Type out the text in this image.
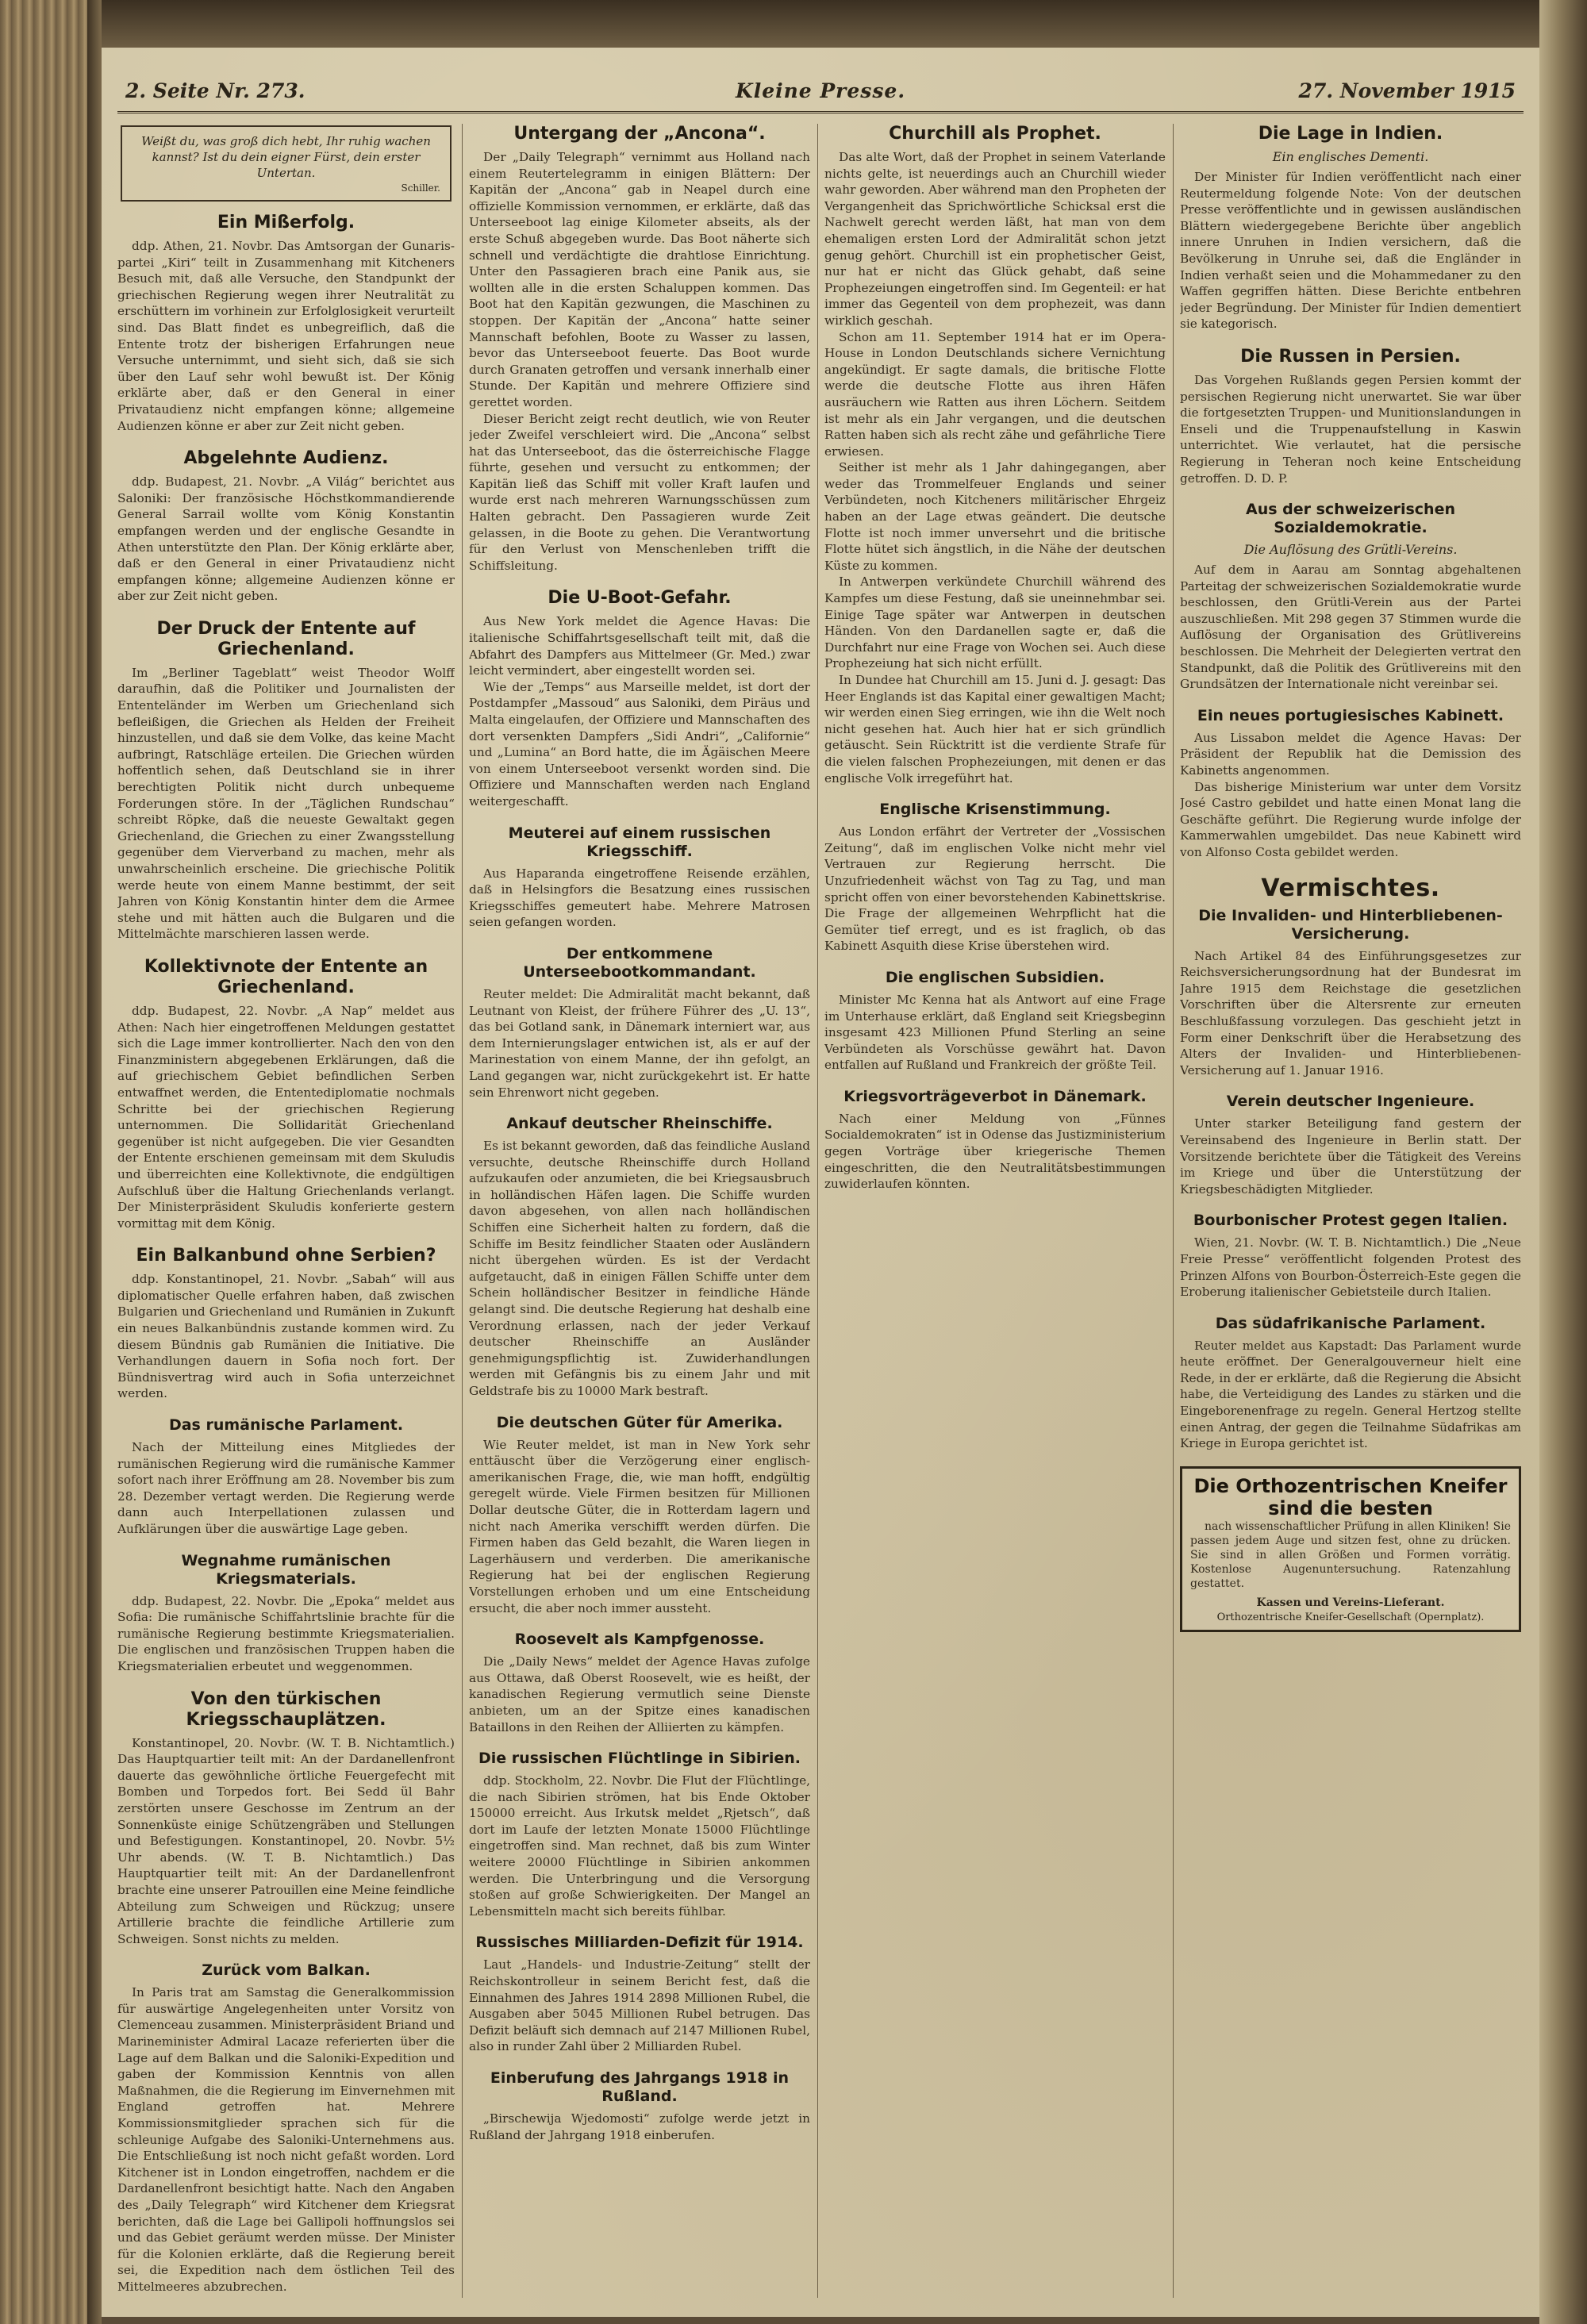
2. Seite Nr. 273.	Kleine Presse.	27. November 1915

Weißt du, was groß dich hebt, Ihr ruhig wachen kannst? Ist du dein eigner Fürst, dein erster Untertan.

Schiller.

Ein Mißerfolg.

ddp. Athen, 21. Novbr. Das Amtsorgan der Gunaris-partei „Kiri“ teilt in Zusammenhang mit Kitcheners Besuch mit, daß alle Versuche, den Standpunkt der griechischen Regierung wegen ihrer Neutralität zu erschüttern im vorhinein zur Erfolglosigkeit verurteilt sind. Das Blatt findet es unbegreiflich, daß die Entente trotz der bisherigen Erfahrungen neue Versuche unternimmt, und sieht sich, daß sie sich über den Lauf sehr wohl bewußt ist. Der König erklärte aber, daß er den General in einer Privataudienz nicht empfangen könne; allgemeine Audienzen könne er aber zur Zeit nicht geben.

Abgelehnte Audienz.

ddp. Budapest, 21. Novbr. „A Világ“ berichtet aus Saloniki: Der französische Höchstkommandierende General Sarrail wollte vom König Konstantin empfangen werden und der englische Gesandte in Athen unterstützte den Plan. Der König erklärte aber, daß er den General in einer Privataudienz nicht empfangen könne; allgemeine Audienzen könne er aber zur Zeit nicht geben.

Der Druck der Entente auf Griechenland.

Im „Berliner Tageblatt“ weist Theodor Wolff daraufhin, daß die Politiker und Journalisten der Ententeländer im Werben um Griechenland sich befleißigen, die Griechen als Helden der Freiheit hinzustellen, und daß sie dem Volke, das keine Macht aufbringt, Ratschläge erteilen. Die Griechen würden hoffentlich sehen, daß Deutschland sie in ihrer berechtigten Politik nicht durch unbequeme Forderungen störe. In der „Täglichen Rundschau“ schreibt Röpke, daß die neueste Gewaltakt gegen Griechenland, die Griechen zu einer Zwangsstellung gegenüber dem Vierverband zu machen, mehr als unwahrscheinlich erscheine. Die griechische Politik werde heute von einem Manne bestimmt, der seit Jahren von König Konstantin hinter dem die Armee stehe und mit hätten auch die Bulgaren und die Mittelmächte marschieren lassen werde.

Kollektivnote der Entente an Griechenland.

ddp. Budapest, 22. Novbr. „A Nap“ meldet aus Athen: Nach hier eingetroffenen Meldungen gestattet sich die Lage immer kontrollierter. Nach den von den Finanzministern abgegebenen Erklärungen, daß die auf griechischem Gebiet befindlichen Serben entwaffnet werden, die Ententediplomatie nochmals Schritte bei der griechischen Regierung unternommen. Die Sollidarität Griechenland gegenüber ist nicht aufgegeben. Die vier Gesandten der Entente erschienen gemeinsam mit dem Skuludis und überreichten eine Kollektivnote, die endgültigen Aufschluß über die Haltung Griechenlands verlangt. Der Ministerpräsident Skuludis konferierte gestern vormittag mit dem König.

Ein Balkanbund ohne Serbien?

ddp. Konstantinopel, 21. Novbr. „Sabah“ will aus diplomatischer Quelle erfahren haben, daß zwischen Bulgarien und Griechenland und Rumänien in Zukunft ein neues Balkanbündnis zustande kommen wird. Zu diesem Bündnis gab Rumänien die Initiative. Die Verhandlungen dauern in Sofia noch fort. Der Bündnisvertrag wird auch in Sofia unterzeichnet werden.

Das rumänische Parlament.

Nach der Mitteilung eines Mitgliedes der rumänischen Regierung wird die rumänische Kammer sofort nach ihrer Eröffnung am 28. November bis zum 28. Dezember vertagt werden. Die Regierung werde dann auch Interpellationen zulassen und Aufklärungen über die auswärtige Lage geben.

Wegnahme rumänischen Kriegsmaterials.

ddp. Budapest, 22. Novbr. Die „Epoka“ meldet aus Sofia: Die rumänische Schiffahrtslinie brachte für die rumänische Regierung bestimmte Kriegsmaterialien. Die englischen und französischen Truppen haben die Kriegsmaterialien erbeutet und weggenommen.

Von den türkischen Kriegsschauplätzen.

Konstantinopel, 20. Novbr. (W. T. B. Nichtamtlich.) Das Hauptquartier teilt mit: An der Dardanellenfront dauerte das gewöhnliche örtliche Feuergefecht mit Bomben und Torpedos fort. Bei Sedd ül Bahr zerstörten unsere Geschosse im Zentrum an der Sonnenküste einige Schützengräben und Stellungen und Befestigungen. Konstantinopel, 20. Novbr. 5½ Uhr abends. (W. T. B. Nichtamtlich.) Das Hauptquartier teilt mit: An der Dardanellenfront brachte eine unserer Patrouillen eine Meine feindliche Abteilung zum Schweigen und Rückzug; unsere Artillerie brachte die feindliche Artillerie zum Schweigen. Sonst nichts zu melden.

Zurück vom Balkan.

In Paris trat am Samstag die Generalkommission für auswärtige Angelegenheiten unter Vorsitz von Clemenceau zusammen. Ministerpräsident Briand und Marineminister Admiral Lacaze referierten über die Lage auf dem Balkan und die Saloniki-Expedition und gaben der Kommission Kenntnis von allen Maßnahmen, die die Regierung im Einvernehmen mit England getroffen hat. Mehrere Kommissionsmitglieder sprachen sich für die schleunige Aufgabe des Saloniki-Unternehmens aus. Die Entschließung ist noch nicht gefaßt worden. Lord Kitchener ist in London eingetroffen, nachdem er die Dardanellenfront besichtigt hatte. Nach den Angaben des „Daily Telegraph“ wird Kitchener dem Kriegsrat berichten, daß die Lage bei Gallipoli hoffnungslos sei und das Gebiet geräumt werden müsse. Der Minister für die Kolonien erklärte, daß die Regierung bereit sei, die Expedition nach dem östlichen Teil des Mittelmeeres abzubrechen.

Untergang der „Ancona“.

Der „Daily Telegraph“ vernimmt aus Holland nach einem Reutertelegramm in einigen Blättern: Der Kapitän der „Ancona“ gab in Neapel durch eine offizielle Kommission vernommen, er erklärte, daß das Unterseeboot lag einige Kilometer abseits, als der erste Schuß abgegeben wurde. Das Boot näherte sich schnell und verdächtigte die drahtlose Einrichtung. Unter den Passagieren brach eine Panik aus, sie wollten alle in die ersten Schaluppen kommen. Das Boot hat den Kapitän gezwungen, die Maschinen zu stoppen. Der Kapitän der „Ancona“ hatte seiner Mannschaft befohlen, Boote zu Wasser zu lassen, bevor das Unterseeboot feuerte. Das Boot wurde durch Granaten getroffen und versank innerhalb einer Stunde. Der Kapitän und mehrere Offiziere sind gerettet worden.

Dieser Bericht zeigt recht deutlich, wie von Reuter jeder Zweifel verschleiert wird. Die „Ancona“ selbst hat das Unterseeboot, das die österreichische Flagge führte, gesehen und versucht zu entkommen; der Kapitän ließ das Schiff mit voller Kraft laufen und wurde erst nach mehreren Warnungsschüssen zum Halten gebracht. Den Passagieren wurde Zeit gelassen, in die Boote zu gehen. Die Verantwortung für den Verlust von Menschenleben trifft die Schiffsleitung.

Die U-Boot-Gefahr.

Aus New York meldet die Agence Havas: Die italienische Schiffahrtsgesellschaft teilt mit, daß die Abfahrt des Dampfers aus Mittelmeer (Gr. Med.) zwar leicht vermindert, aber eingestellt worden sei.

Wie der „Temps“ aus Marseille meldet, ist dort der Postdampfer „Massoud“ aus Saloniki, dem Piräus und Malta eingelaufen, der Offiziere und Mannschaften des dort versenkten Dampfers „Sidi Andri“, „Californie“ und „Lumina“ an Bord hatte, die im Ägäischen Meere von einem Unterseeboot versenkt worden sind. Die Offiziere und Mannschaften werden nach England weitergeschafft.

Meuterei auf einem russischen Kriegsschiff.

Aus Haparanda eingetroffene Reisende erzählen, daß in Helsingfors die Besatzung eines russischen Kriegsschiffes gemeutert habe. Mehrere Matrosen seien gefangen worden.

Der entkommene Unterseebootkommandant.

Reuter meldet: Die Admiralität macht bekannt, daß Leutnant von Kleist, der frühere Führer des „U. 13“, das bei Gotland sank, in Dänemark interniert war, aus dem Internierungslager entwichen ist, als er auf der Marinestation von einem Manne, der ihn gefolgt, an Land gegangen war, nicht zurückgekehrt ist. Er hatte sein Ehrenwort nicht gegeben.

Ankauf deutscher Rheinschiffe.

Es ist bekannt geworden, daß das feindliche Ausland versuchte, deutsche Rheinschiffe durch Holland aufzukaufen oder anzumieten, die bei Kriegsausbruch in holländischen Häfen lagen. Die Schiffe wurden davon abgesehen, von allen nach holländischen Schiffen eine Sicherheit halten zu fordern, daß die Schiffe im Besitz feindlicher Staaten oder Ausländern nicht übergehen würden. Es ist der Verdacht aufgetaucht, daß in einigen Fällen Schiffe unter dem Schein holländischer Besitzer in feindliche Hände gelangt sind. Die deutsche Regierung hat deshalb eine Verordnung erlassen, nach der jeder Verkauf deutscher Rheinschiffe an Ausländer genehmigungspflichtig ist. Zuwiderhandlungen werden mit Gefängnis bis zu einem Jahr und mit Geldstrafe bis zu 10000 Mark bestraft.

Die deutschen Güter für Amerika.

Wie Reuter meldet, ist man in New York sehr enttäuscht über die Verzögerung einer englisch-amerikanischen Frage, die, wie man hofft, endgültig geregelt würde. Viele Firmen besitzen für Millionen Dollar deutsche Güter, die in Rotterdam lagern und nicht nach Amerika verschifft werden dürfen. Die Firmen haben das Geld bezahlt, die Waren liegen in Lagerhäusern und verderben. Die amerikanische Regierung hat bei der englischen Regierung Vorstellungen erhoben und um eine Entscheidung ersucht, die aber noch immer aussteht.

Roosevelt als Kampfgenosse.

Die „Daily News“ meldet der Agence Havas zufolge aus Ottawa, daß Oberst Roosevelt, wie es heißt, der kanadischen Regierung vermutlich seine Dienste anbieten, um an der Spitze eines kanadischen Bataillons in den Reihen der Alliierten zu kämpfen.

Die russischen Flüchtlinge in Sibirien.

ddp. Stockholm, 22. Novbr. Die Flut der Flüchtlinge, die nach Sibirien strömen, hat bis Ende Oktober 150000 erreicht. Aus Irkutsk meldet „Rjetsch“, daß dort im Laufe der letzten Monate 15000 Flüchtlinge eingetroffen sind. Man rechnet, daß bis zum Winter weitere 20000 Flüchtlinge in Sibirien ankommen werden. Die Unterbringung und die Versorgung stoßen auf große Schwierigkeiten. Der Mangel an Lebensmitteln macht sich bereits fühlbar.

Russisches Milliarden-Defizit für 1914.

Laut „Handels- und Industrie-Zeitung“ stellt der Reichskontrolleur in seinem Bericht fest, daß die Einnahmen des Jahres 1914 2898 Millionen Rubel, die Ausgaben aber 5045 Millionen Rubel betrugen. Das Defizit beläuft sich demnach auf 2147 Millionen Rubel, also in runder Zahl über 2 Milliarden Rubel.

Einberufung des Jahrgangs 1918 in Rußland.

„Birschewija Wjedomosti“ zufolge werde jetzt in Rußland der Jahrgang 1918 einberufen.

Churchill als Prophet.

Das alte Wort, daß der Prophet in seinem Vaterlande nichts gelte, ist neuerdings auch an Churchill wieder wahr geworden. Aber während man den Propheten der Vergangenheit das Sprichwörtliche Schicksal erst die Nachwelt gerecht werden läßt, hat man von dem ehemaligen ersten Lord der Admiralität schon jetzt genug gehört. Churchill ist ein prophetischer Geist, nur hat er nicht das Glück gehabt, daß seine Prophezeiungen eingetroffen sind. Im Gegenteil: er hat immer das Gegenteil von dem prophezeit, was dann wirklich geschah.

Schon am 11. September 1914 hat er im Opera-House in London Deutschlands sichere Vernichtung angekündigt. Er sagte damals, die britische Flotte werde die deutsche Flotte aus ihren Häfen ausräuchern wie Ratten aus ihren Löchern. Seitdem ist mehr als ein Jahr vergangen, und die deutschen Ratten haben sich als recht zähe und gefährliche Tiere erwiesen.

Seither ist mehr als 1 Jahr dahingegangen, aber weder das Trommelfeuer Englands und seiner Verbündeten, noch Kitcheners militärischer Ehrgeiz haben an der Lage etwas geändert. Die deutsche Flotte ist noch immer unversehrt und die britische Flotte hütet sich ängstlich, in die Nähe der deutschen Küste zu kommen.

In Antwerpen verkündete Churchill während des Kampfes um diese Festung, daß sie uneinnehmbar sei. Einige Tage später war Antwerpen in deutschen Händen. Von den Dardanellen sagte er, daß die Durchfahrt nur eine Frage von Wochen sei. Auch diese Prophezeiung hat sich nicht erfüllt.

In Dundee hat Churchill am 15. Juni d. J. gesagt: Das Heer Englands ist das Kapital einer gewaltigen Macht; wir werden einen Sieg erringen, wie ihn die Welt noch nicht gesehen hat. Auch hier hat er sich gründlich getäuscht. Sein Rücktritt ist die verdiente Strafe für die vielen falschen Prophezeiungen, mit denen er das englische Volk irregeführt hat.

Englische Krisenstimmung.

Aus London erfährt der Vertreter der „Vossischen Zeitung“, daß im englischen Volke nicht mehr viel Vertrauen zur Regierung herrscht. Die Unzufriedenheit wächst von Tag zu Tag, und man spricht offen von einer bevorstehenden Kabinettskrise. Die Frage der allgemeinen Wehrpflicht hat die Gemüter tief erregt, und es ist fraglich, ob das Kabinett Asquith diese Krise überstehen wird.

Die englischen Subsidien.

Minister Mc Kenna hat als Antwort auf eine Frage im Unterhause erklärt, daß England seit Kriegsbeginn insgesamt 423 Millionen Pfund Sterling an seine Verbündeten als Vorschüsse gewährt hat. Davon entfallen auf Rußland und Frankreich der größte Teil.

Kriegsvorträgeverbot in Dänemark.

Nach einer Meldung von „Fünnes Socialdemokraten“ ist in Odense das Justizministerium gegen Vorträge über kriegerische Themen eingeschritten, die den Neutralitätsbestimmungen zuwiderlaufen könnten.

Die Lage in Indien.
Ein englisches Dementi.

Der Minister für Indien veröffentlicht nach einer Reutermeldung folgende Note: Von der deutschen Presse veröffentlichte und in gewissen ausländischen Blättern wiedergegebene Berichte über angeblich innere Unruhen in Indien versichern, daß die Bevölkerung in Unruhe sei, daß die Engländer in Indien verhaßt seien und die Mohammedaner zu den Waffen gegriffen hätten. Diese Berichte entbehren jeder Begründung. Der Minister für Indien dementiert sie kategorisch.

Die Russen in Persien.

Das Vorgehen Rußlands gegen Persien kommt der persischen Regierung nicht unerwartet. Sie war über die fortgesetzten Truppen- und Munitionslandungen in Enseli und die Truppenaufstellung in Kaswin unterrichtet. Wie verlautet, hat die persische Regierung in Teheran noch keine Entscheidung getroffen. D. D. P.

Aus der schweizerischen Sozialdemokratie.
Die Auflösung des Grütli-Vereins.

Auf dem in Aarau am Sonntag abgehaltenen Parteitag der schweizerischen Sozialdemokratie wurde beschlossen, den Grütli-Verein aus der Partei auszuschließen. Mit 298 gegen 37 Stimmen wurde die Auflösung der Organisation des Grütlivereins beschlossen. Die Mehrheit der Delegierten vertrat den Standpunkt, daß die Politik des Grütlivereins mit den Grundsätzen der Internationale nicht vereinbar sei.

Ein neues portugiesisches Kabinett.

Aus Lissabon meldet die Agence Havas: Der Präsident der Republik hat die Demission des Kabinetts angenommen.

Das bisherige Ministerium war unter dem Vorsitz José Castro gebildet und hatte einen Monat lang die Geschäfte geführt. Die Regierung wurde infolge der Kammerwahlen umgebildet. Das neue Kabinett wird von Alfonso Costa gebildet werden.

Vermischtes.
Die Invaliden- und Hinterbliebenen-Versicherung.

Nach Artikel 84 des Einführungsgesetzes zur Reichsversicherungsordnung hat der Bundesrat im Jahre 1915 dem Reichstage die gesetzlichen Vorschriften über die Altersrente zur erneuten Beschlußfassung vorzulegen. Das geschieht jetzt in Form einer Denkschrift über die Herabsetzung des Alters der Invaliden- und Hinterbliebenen-Versicherung auf 1. Januar 1916.

Verein deutscher Ingenieure.

Unter starker Beteiligung fand gestern der Vereinsabend des Ingenieure in Berlin statt. Der Vorsitzende berichtete über die Tätigkeit des Vereins im Kriege und über die Unterstützung der Kriegsbeschädigten Mitglieder.

Bourbonischer Protest gegen Italien.

Wien, 21. Novbr. (W. T. B. Nichtamtlich.) Die „Neue Freie Presse“ veröffentlicht folgenden Protest des Prinzen Alfons von Bourbon-Österreich-Este gegen die Eroberung italienischer Gebietsteile durch Italien.

Das südafrikanische Parlament.

Reuter meldet aus Kapstadt: Das Parlament wurde heute eröffnet. Der Generalgouverneur hielt eine Rede, in der er erklärte, daß die Regierung die Absicht habe, die Verteidigung des Landes zu stärken und die Eingeborenenfrage zu regeln. General Hertzog stellte einen Antrag, der gegen die Teilnahme Südafrikas am Kriege in Europa gerichtet ist.

Die Orthozentrischen Kneifer

sind die besten

nach wissenschaftlicher Prüfung in allen Kliniken! Sie passen jedem Auge und sitzen fest, ohne zu drücken. Sie sind in allen Größen und Formen vorrätig. Kostenlose Augenuntersuchung. Ratenzahlung gestattet.

Kassen und Vereins-Lieferant.

Orthozentrische Kneifer-Gesellschaft (Opernplatz).
